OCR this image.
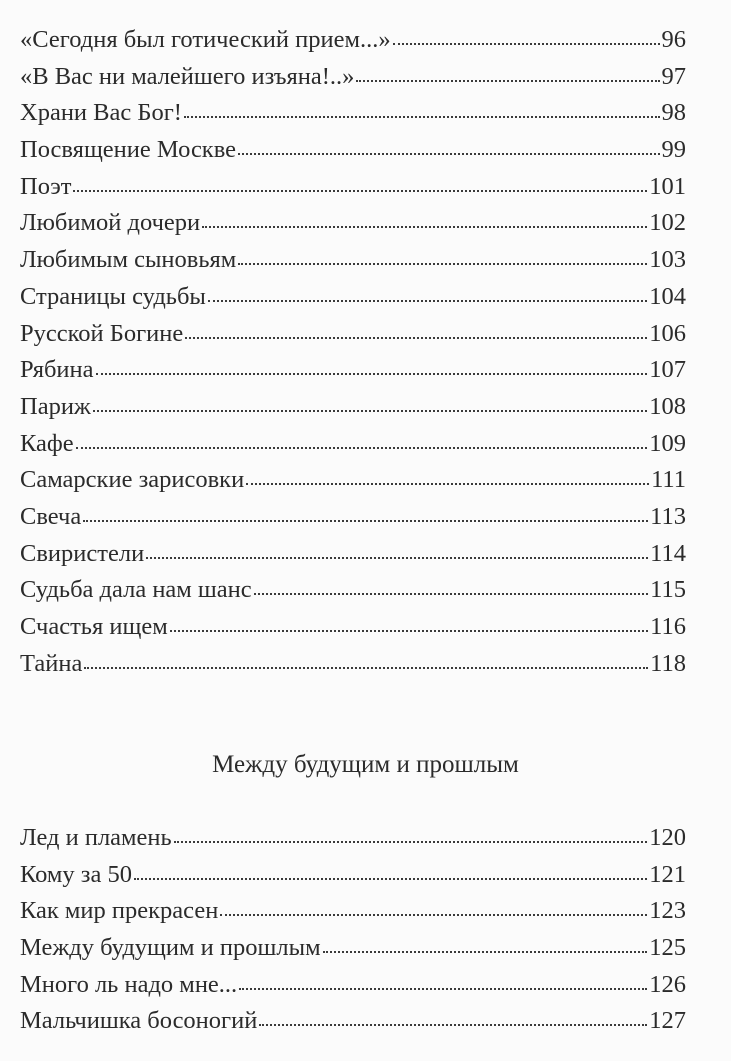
«Сегодня был готический прием...»	96
«В Вас ни малейшего изъяна!..»	97
Храни Вас Бог!	98
Посвящение Москве	99
Поэт	101
Любимой дочери	102
Любимым сыновьям	103
Страницы судьбы	104
Русской Богине	106
Рябина	107
Париж	108
Кафе	109
Самарские зарисовки	111
Свеча	113
Свиристели	114
Судьба дала нам шанс	115
Счастья ищем	116
Тайна	118
Между будущим и прошлым
Лед и пламень	120
Кому за 50	121
Как мир прекрасен	123
Между будущим и прошлым	125
Много ль надо мне...	126
Мальчишка босоногий	127
